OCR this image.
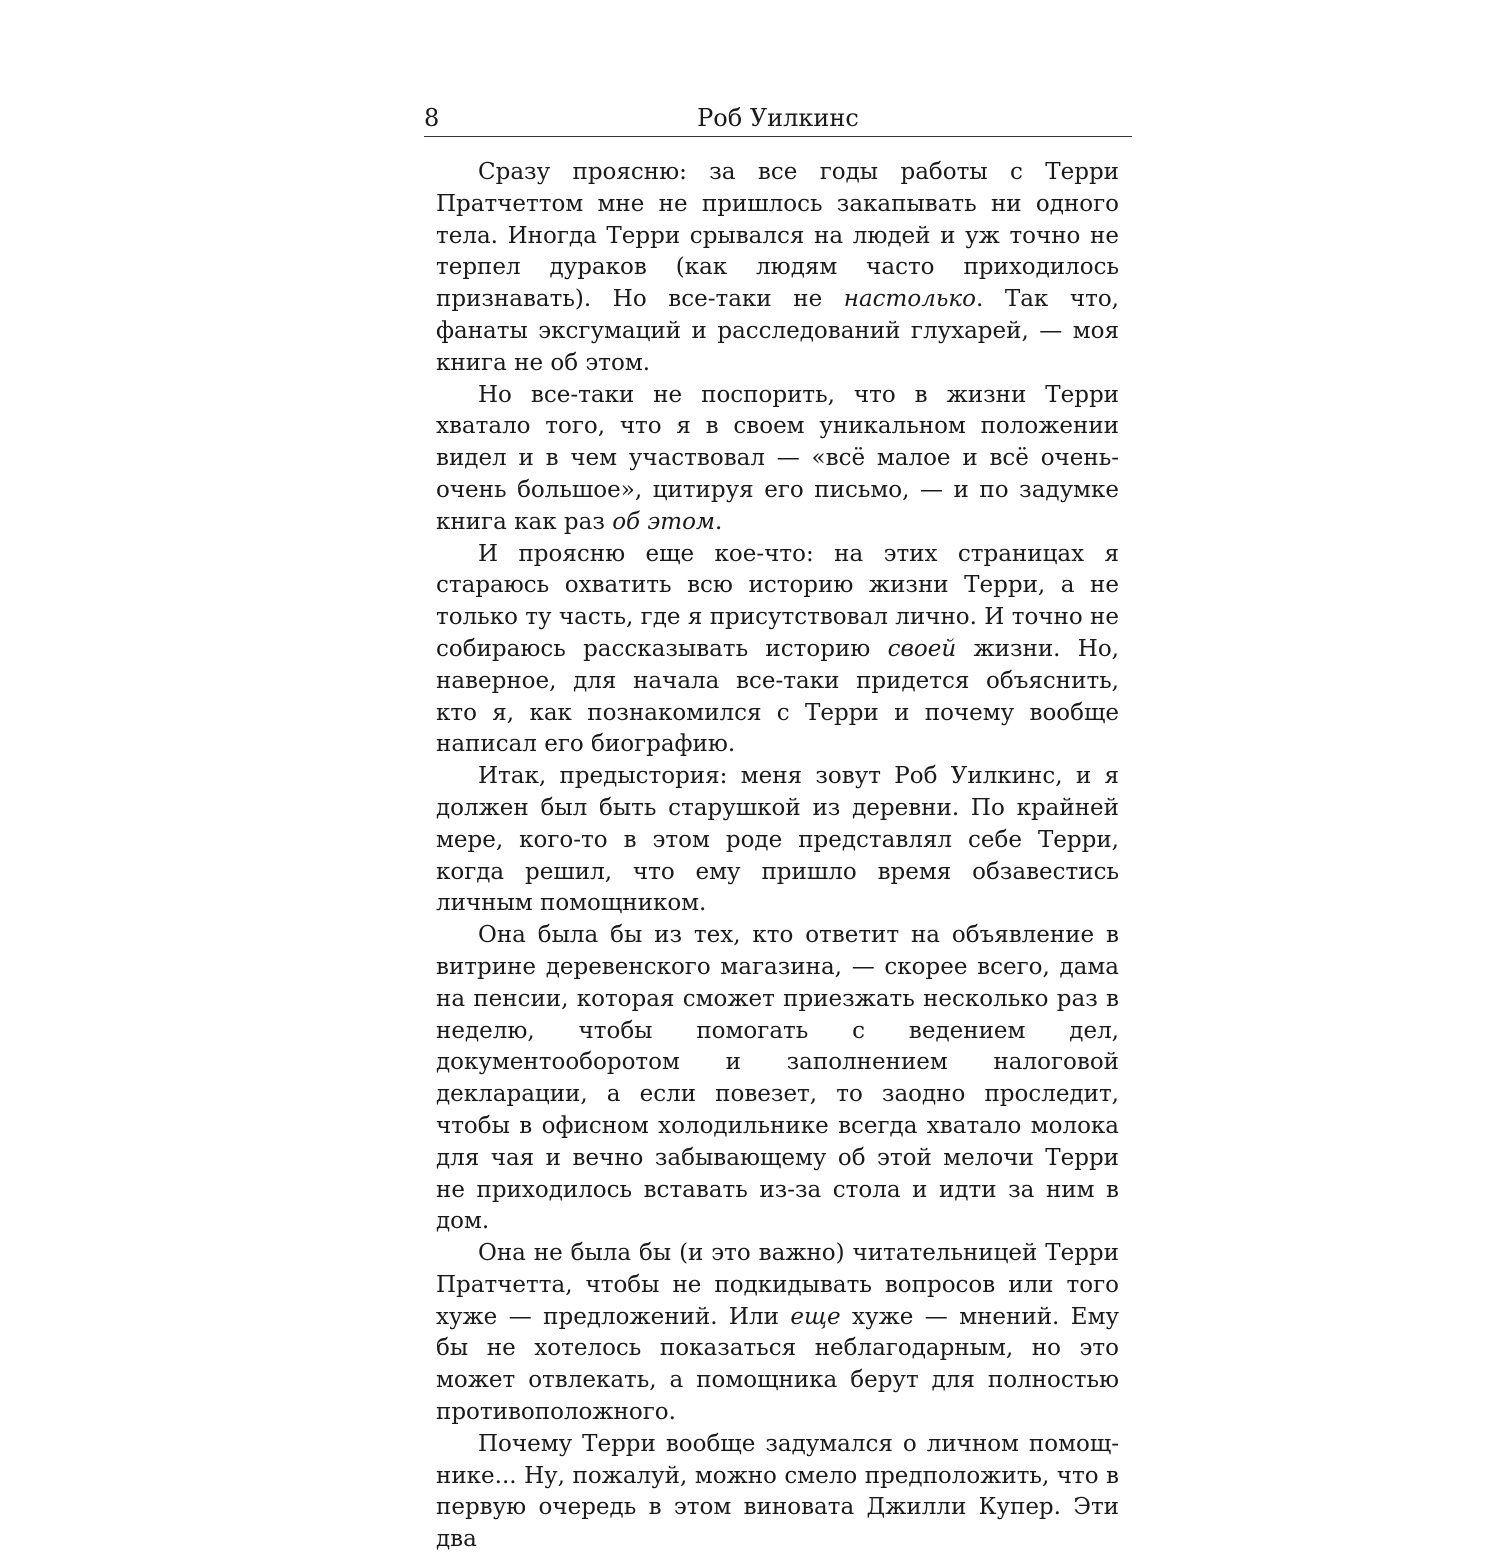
8	Роб Уилкинс

Сразу проясню: за все годы работы с Терри Пратчеттом мне не пришлось закапывать ни одного тела. Иногда Терри срывался на людей и уж точно не терпел дураков (как людям часто приходилось признавать). Но все-таки не настолько. Так что, фанаты эксгумаций и расследований глухарей, — моя книга не об этом.

Но все-таки не поспорить, что в жизни Терри хватало того, что я в своем уникальном положении видел и в чем участвовал — «всё малое и всё очень-очень большое», цитируя его письмо, — и по задумке книга как раз об этом.

И проясню еще кое-что: на этих страницах я стараюсь охватить всю историю жизни Терри, а не только ту часть, где я присутствовал лично. И точно не собираюсь рассказывать историю своей жизни. Но, наверное, для начала все-таки придется объяснить, кто я, как познакомился с Терри и почему вообще написал его биографию.

Итак, предыстория: меня зовут Роб Уилкинс, и я должен был быть старушкой из деревни. По крайней мере, кого-то в этом роде представлял себе Терри, когда решил, что ему пришло время обзавестись личным помощником.

Она была бы из тех, кто ответит на объявление в витрине деревенского магазина, — скорее всего, дама на пенсии, которая сможет приезжать несколько раз в неделю, чтобы помогать с ведением дел, документооборотом и заполнением налоговой декларации, а если повезет, то заодно проследит, чтобы в офисном холодильнике всегда хватало молока для чая и вечно забывающему об этой мелочи Терри не приходилось вставать из-за стола и идти за ним в дом.

Она не была бы (и это важно) читательницей Терри Пратчетта, чтобы не подкидывать вопросов или того хуже — предложений. Или еще хуже — мнений. Ему бы не хотелось показаться неблагодарным, но это может отвлекать, а помощника берут для полностью противоположного.

Почему Терри вообще задумался о личном помощнике... Ну, пожалуй, можно смело предположить, что в первую очередь в этом виновата Джилли Купер. Эти два
